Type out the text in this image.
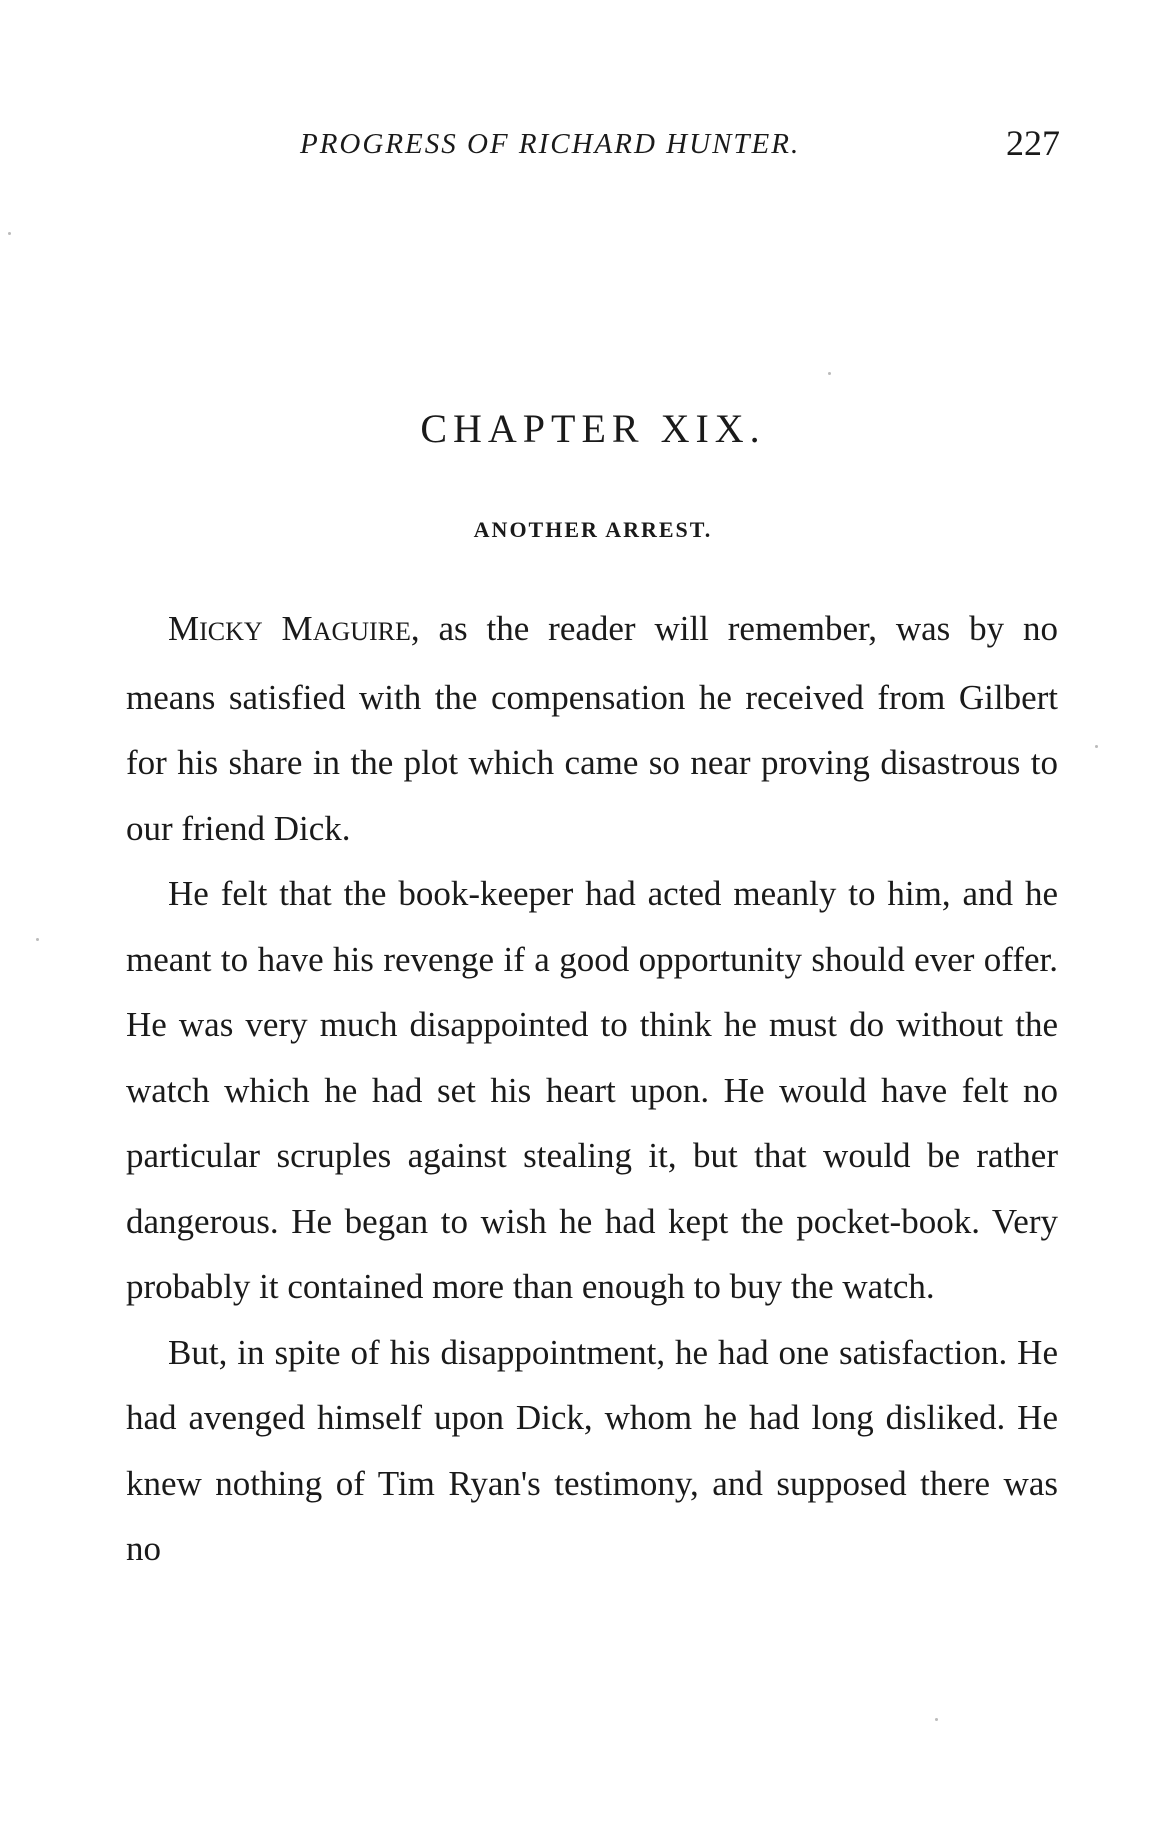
PROGRESS OF RICHARD HUNTER.	227
CHAPTER XIX.
ANOTHER ARREST.

MICKY MAGUIRE, as the reader will remember, was by no means satisfied with the compensation he received from Gilbert for his share in the plot which came so near proving disastrous to our friend Dick.

He felt that the book-keeper had acted meanly to him, and he meant to have his revenge if a good opportunity should ever offer. He was very much disappointed to think he must do without the watch which he had set his heart upon. He would have felt no particular scruples against stealing it, but that would be rather dangerous. He began to wish he had kept the pocket-book. Very probably it contained more than enough to buy the watch.

But, in spite of his disappointment, he had one satisfaction. He had avenged himself upon Dick, whom he had long disliked. He knew nothing of Tim Ryan's testimony, and supposed there was no
